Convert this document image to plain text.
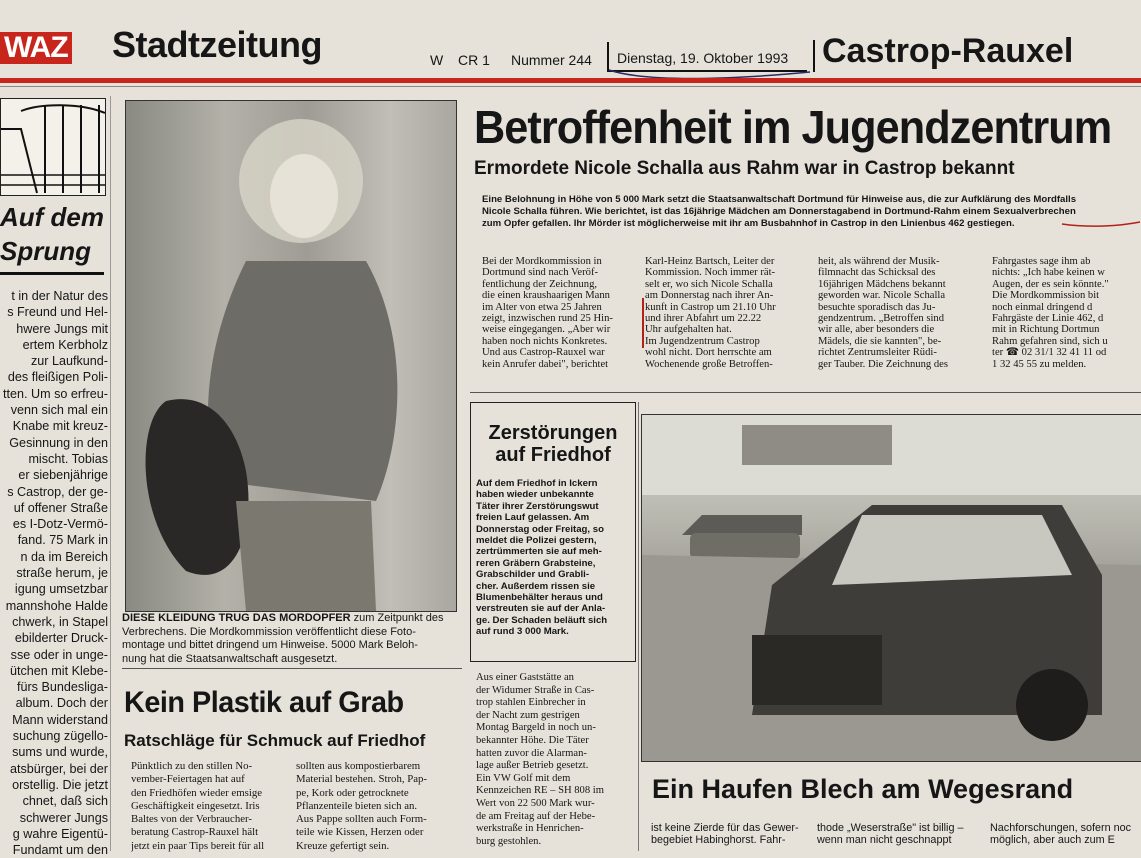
WAZ Stadtzeitung	W CR 1 Nummer 244	Dienstag, 19. Oktober 1993 Castrop-Rauxel
Auf dem
Sprung
t in der Natur des
s Freund und Hel-
hwere Jungs mit
ertem Kerbholz
zur Laufkund-
des fleißigen Poli-
tten. Um so erfreu-
venn sich mal ein
Knabe mit kreuz-
Gesinnung in den
mischt. Tobias
er siebenjährige
s Castrop, der ge-
uf offener Straße
es I-Dotz-Vermö-
fand. 75 Mark in
n da im Bereich
straße herum, je
igung umsetzbar
mannshohe Halde
chwerk, in Stapel
ebilderter Druck-
sse oder in unge-
ütchen mit Klebe-
fürs Bundesliga-
album. Doch der
Mann widerstand
suchung zügello-
sums und wurde,
atsbürger, bei der
orstellig. Die jetzt
chnet, daß sich
schwerer Jungs
g wahre Eigentü-
Fundamt um den
DIESE KLEIDUNG TRUG DAS MORDOPFER zum Zeitpunkt des
Verbrechens. Die Mordkommission veröffentlicht diese Foto-
montage und bittet dringend um Hinweise. 5000 Mark Beloh-
nung hat die Staatsanwaltschaft ausgesetzt.
Kein Plastik auf Grab
Ratschläge für Schmuck auf Friedhof
Pünktlich zu den stillen No-
vember-Feiertagen hat auf
den Friedhöfen wieder emsige
Geschäftigkeit eingesetzt. Iris
Baltes von der Verbraucher-
beratung Castrop-Rauxel hält
jetzt ein paar Tips bereit für all
sollten aus kompostierbarem
Material bestehen. Stroh, Pap-
pe, Kork oder getrocknete
Pflanzenteile bieten sich an.
Aus Pappe sollten auch Form-
teile wie Kissen, Herzen oder
Kreuze gefertigt sein.
Betroffenheit im Jugendzentrum
Ermordete Nicole Schalla aus Rahm war in Castrop bekannt
Eine Belohnung in Höhe von 5 000 Mark setzt die Staatsanwaltschaft Dortmund für Hinweise aus, die zur Aufklärung des Mordfalls
Nicole Schalla führen. Wie berichtet, ist das 16jährige Mädchen am Donnerstagabend in Dortmund-Rahm einem Sexualverbrechen
zum Opfer gefallen. Ihr Mörder ist möglicherweise mit ihr am Busbahnhof in Castrop in den Linienbus 462 gestiegen.
Bei der Mordkommission in
Dortmund sind nach Veröf-
fentlichung der Zeichnung,
die einen kraushaarigen Mann
im Alter von etwa 25 Jahren
zeigt, inzwischen rund 25 Hin-
weise eingegangen. „Aber wir
haben noch nichts Konkretes.
Und aus Castrop-Rauxel war
kein Anrufer dabei", berichtet
Karl-Heinz Bartsch, Leiter der
Kommission. Noch immer rät-
selt er, wo sich Nicole Schalla
am Donnerstag nach ihrer An-
kunft in Castrop um 21.10 Uhr
und ihrer Abfahrt um 22.22
Uhr aufgehalten hat.
Im Jugendzentrum Castrop
wohl nicht. Dort herrschte am
Wochenende große Betroffen-
heit, als während der Musik-
filmnacht das Schicksal des
16jährigen Mädchens bekannt
geworden war. Nicole Schalla
besuchte sporadisch das Ju-
gendzentrum. „Betroffen sind
wir alle, aber besonders die
Mädels, die sie kannten", be-
richtet Zentrumsleiter Rüdi-
ger Tauber. Die Zeichnung des
Fahrgastes sage ihm ab
nichts: „Ich habe keinen w
Augen, der es sein könnte."
Die Mordkommission bit
noch einmal dringend d
Fahrgäste der Linie 462, d
mit in Richtung Dortmun
Rahm gefahren sind, sich u
ter ☎ 02 31/1 32 41 11 od
1 32 45 55 zu melden.
Zerstörungen
auf Friedhof
Auf dem Friedhof in Ickern
haben wieder unbekannte
Täter ihrer Zerstörungswut
freien Lauf gelassen. Am
Donnerstag oder Freitag, so
meldet die Polizei gestern,
zertrümmerten sie auf meh-
reren Gräbern Grabsteine,
Grabschilder und Grabli-
cher. Außerdem rissen sie
Blumenbehälter heraus und
verstreuten sie auf der Anla-
ge. Der Schaden beläuft sich
auf rund 3 000 Mark.
Aus einer Gaststätte an
der Widumer Straße in Cas-
trop stahlen Einbrecher in
der Nacht zum gestrigen
Montag Bargeld in noch un-
bekannter Höhe. Die Täter
hatten zuvor die Alarman-
lage außer Betrieb gesetzt.
Ein VW Golf mit dem
Kennzeichen RE – SH 808 im
Wert von 22 500 Mark wur-
de am Freitag auf der Hebe-
werkstraße in Henrichen-
burg gestohlen.
Ein Haufen Blech am Wegesrand
ist keine Zierde für das Gewer-
begebiet Habinghorst. Fahr-
thode „Weserstraße" ist billig –
wenn man nicht geschnappt
Nachforschungen, sofern noc
möglich, aber auch zum E
